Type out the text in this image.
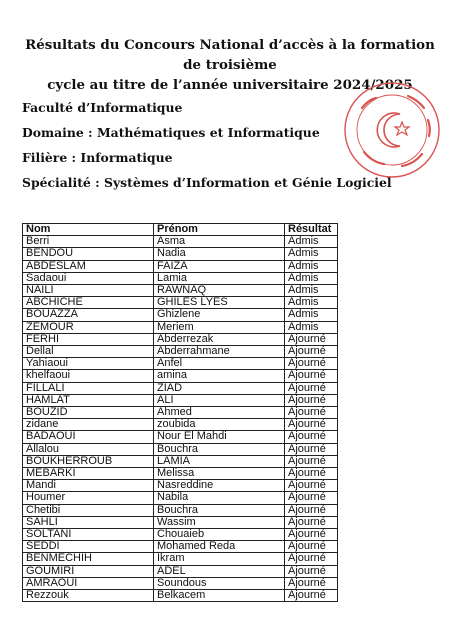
Résultats du Concours National d’accès à la formation de troisième
cycle au titre de l’année universitaire 2024/2025
Faculté d’Informatique
Domaine : Mathématiques et Informatique
Filière : Informatique
Spécialité : Systèmes d’Information et Génie Logiciel
Nom	Prénom	Résultat
Berri	Asma	Admis
BENDOU	Nadia	Admis
ABDESLAM	FAIZA	Admis
Sadaoui	Lamia	Admis
NAILI	RAWNAQ	Admis
ABCHICHE	GHILES LYES	Admis
BOUAZZA	Ghizlene	Admis
ZEMOUR	Meriem	Admis
FERHI	Abderrezak	Ajourné
Dellal	Abderrahmane	Ajourné
Yahiaoui	Anfel	Ajourné
khelfaoui	amina	Ajourné
FILLALI	ZIAD	Ajourné
HAMLAT	ALI	Ajourné
BOUZID	Ahmed	Ajourné
zidane	zoubida	Ajourné
BADAOUI	Nour El Mahdi	Ajourné
Allalou	Bouchra	Ajourné
BOUKHERROUB	LAMIA	Ajourné
MEBARKI	Melissa	Ajourné
Mandi	Nasreddine	Ajourné
Houmer	Nabila	Ajourné
Chetibi	Bouchra	Ajourné
SAHLI	Wassim	Ajourné
SOLTANI	Chouaieb	Ajourné
SEDDI	Mohamed Reda	Ajourné
BENMECHIH	Ikram	Ajourné
GOUMIRI	ADEL	Ajourné
AMRAOUI	Soundous	Ajourné
Rezzouk	Belkacem	Ajourné
